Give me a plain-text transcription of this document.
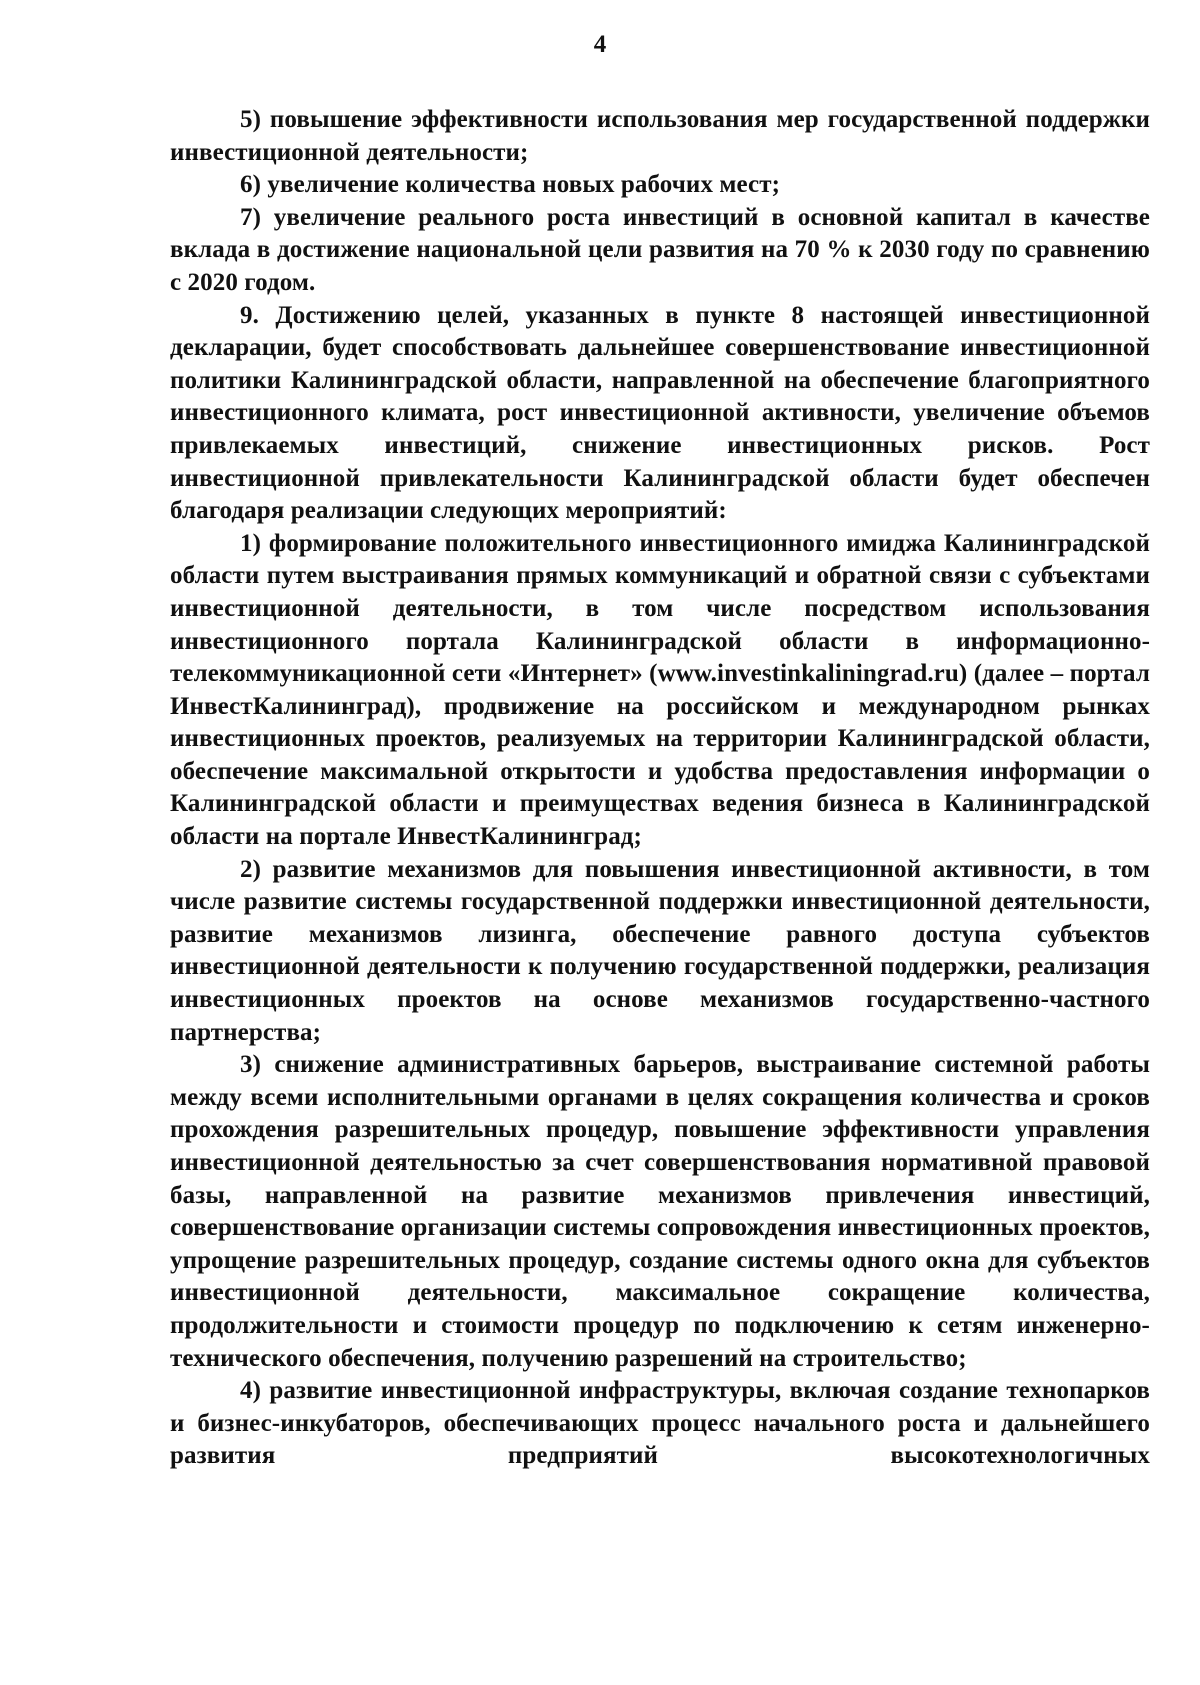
4

5) повышение эффективности использования мер государственной поддержки инвестиционной деятельности;

6) увеличение количества новых рабочих мест;

7) увеличение реального роста инвестиций в основной капитал в качестве вклада в достижение национальной цели развития на 70 % к 2030 году по сравнению с 2020 годом.

9. Достижению целей, указанных в пункте 8 настоящей инвестиционной декларации, будет способствовать дальнейшее совершенствование инвестиционной политики Калининградской области, направленной на обеспечение благоприятного инвестиционного климата, рост инвестиционной активности, увеличение объемов привлекаемых инвестиций, снижение инвестиционных рисков. Рост инвестиционной привлекательности Калининградской области будет обеспечен благодаря реализации следующих мероприятий:

1) формирование положительного инвестиционного имиджа Калининградской области путем выстраивания прямых коммуникаций и обратной связи с субъектами инвестиционной деятельности, в том числе посредством использования инвестиционного портала Калининградской области в информационно-телекоммуникационной сети «Интернет» (www.investinkaliningrad.ru) (далее – портал ИнвестКалининград), продвижение на российском и международном рынках инвестиционных проектов, реализуемых на территории Калининградской области, обеспечение максимальной открытости и удобства предоставления информации о Калининградской области и преимуществах ведения бизнеса в Калининградской области на портале ИнвестКалининград;

2) развитие механизмов для повышения инвестиционной активности, в том числе развитие системы государственной поддержки инвестиционной деятельности, развитие механизмов лизинга, обеспечение равного доступа субъектов инвестиционной деятельности к получению государственной поддержки, реализация инвестиционных проектов на основе механизмов государственно-частного партнерства;

3) снижение административных барьеров, выстраивание системной работы между всеми исполнительными органами в целях сокращения количества и сроков прохождения разрешительных процедур, повышение эффективности управления инвестиционной деятельностью за счет совершенствования нормативной правовой базы, направленной на развитие механизмов привлечения инвестиций, совершенствование организации системы сопровождения инвестиционных проектов, упрощение разрешительных процедур, создание системы одного окна для субъектов инвестиционной деятельности, максимальное сокращение количества, продолжительности и стоимости процедур по подключению к сетям инженерно-технического обеспечения, получению разрешений на строительство;

4) развитие инвестиционной инфраструктуры, включая создание технопарков и бизнес-инкубаторов, обеспечивающих процесс начального роста и дальнейшего развития предприятий высокотехнологичных
